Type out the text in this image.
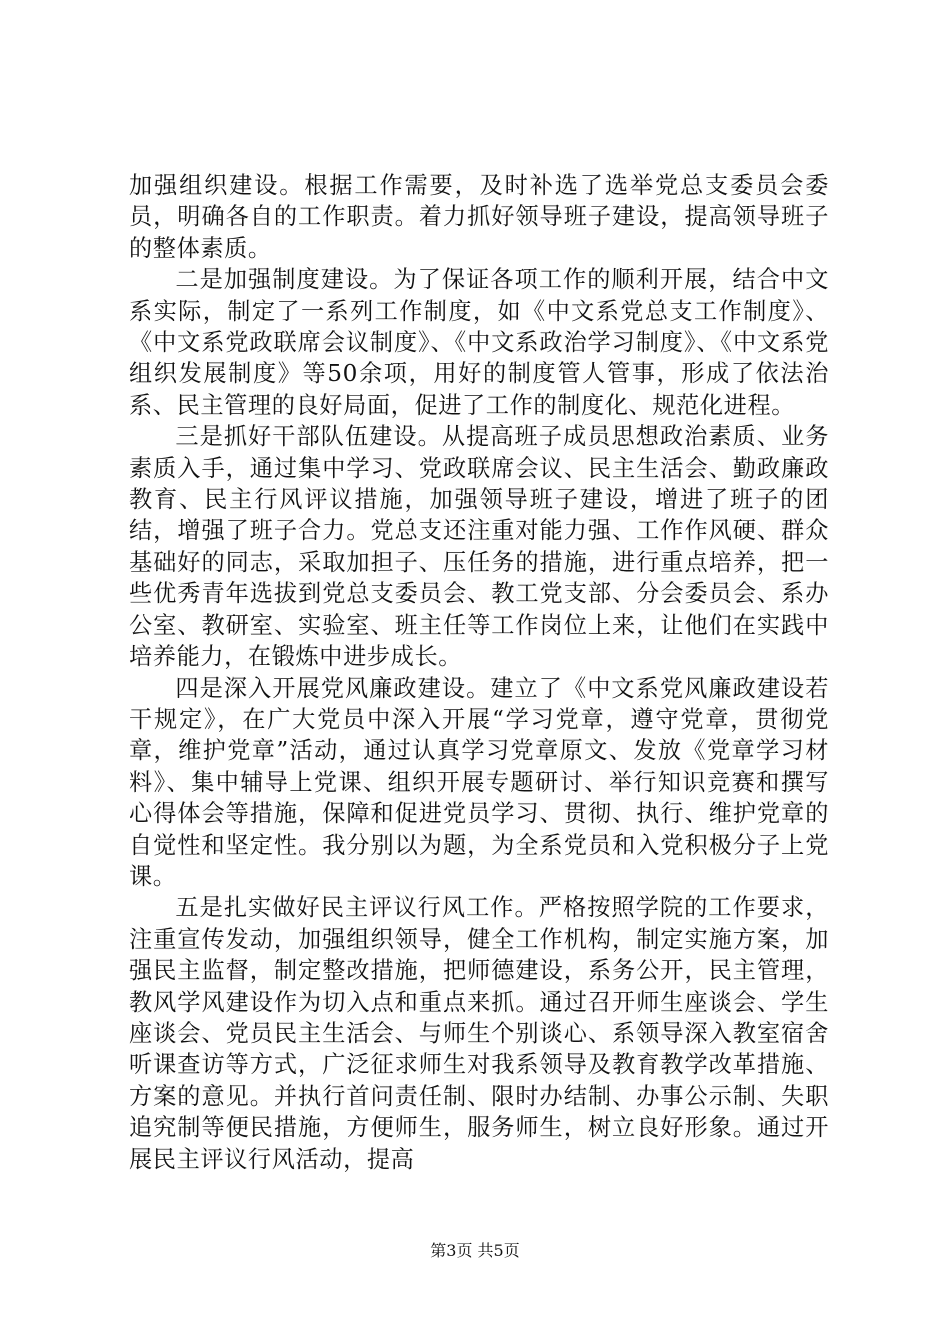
加强组织建设。根据工作需要，及时补选了选举党总支委员会委员，明确各自的工作职责。着力抓好领导班子建设，提高领导班子的整体素质。

二是加强制度建设。为了保证各项工作的顺利开展，结合中文系实际，制定了一系列工作制度，如《中文系党总支工作制度》、《中文系党政联席会议制度》、《中文系政治学习制度》、《中文系党组织发展制度》等50余项，用好的制度管人管事，形成了依法治系、民主管理的良好局面，促进了工作的制度化、规范化进程。

三是抓好干部队伍建设。从提高班子成员思想政治素质、业务素质入手，通过集中学习、党政联席会议、民主生活会、勤政廉政教育、民主行风评议措施，加强领导班子建设，增进了班子的团结，增强了班子合力。党总支还注重对能力强、工作作风硬、群众基础好的同志，采取加担子、压任务的措施，进行重点培养，把一些优秀青年选拔到党总支委员会、教工党支部、分会委员会、系办公室、教研室、实验室、班主任等工作岗位上来，让他们在实践中培养能力，在锻炼中进步成长。

四是深入开展党风廉政建设。建立了《中文系党风廉政建设若干规定》，在广大党员中深入开展“学习党章，遵守党章，贯彻党章，维护党章”活动，通过认真学习党章原文、发放《党章学习材料》、集中辅导上党课、组织开展专题研讨、举行知识竞赛和撰写心得体会等措施，保障和促进党员学习、贯彻、执行、维护党章的自觉性和坚定性。我分别以为题，为全系党员和入党积极分子上党课。

五是扎实做好民主评议行风工作。严格按照学院的工作要求，注重宣传发动，加强组织领导，健全工作机构，制定实施方案，加强民主监督，制定整改措施，把师德建设，系务公开，民主管理，教风学风建设作为切入点和重点来抓。通过召开师生座谈会、学生座谈会、党员民主生活会、与师生个别谈心、系领导深入教室宿舍听课查访等方式，广泛征求师生对我系领导及教育教学改革措施、方案的意见。并执行首问责任制、限时办结制、办事公示制、失职追究制等便民措施，方便师生，服务师生，树立良好形象。通过开展民主评议行风活动，提高

第3页 共5页
